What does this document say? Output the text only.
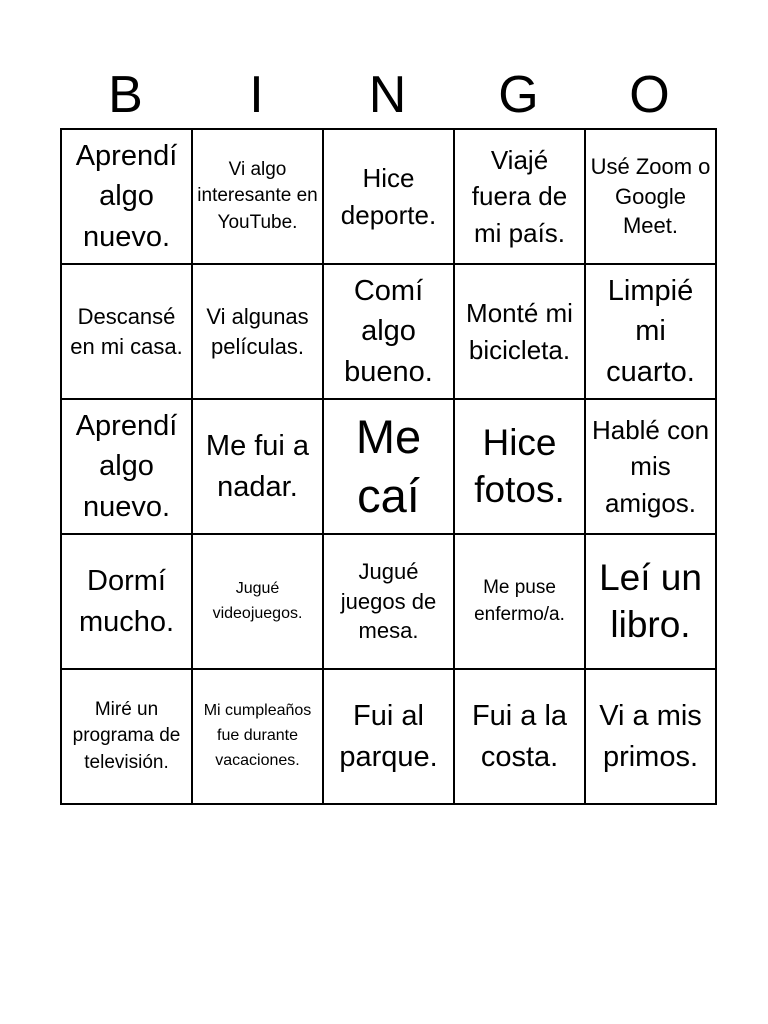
B	I	N	G	O
Aprendí algo nuevo.	Vi algo interesante en YouTube.	Hice deporte.	Viajé fuera de mi país.	Usé Zoom o Google Meet.

Descansé en mi casa.	Vi algunas películas.	Comí algo bueno.	Monté mi bicicleta.	Limpié mi cuarto.

Aprendí algo nuevo.	Me fui a nadar.	Me caí	Hice fotos.	Hablé con mis amigos.

Dormí mucho.	Jugué videojuegos.	Jugué juegos de mesa.	Me puse enfermo/a.	Leí un libro.

Miré un programa de televisión.	Mi cumpleaños fue durante vacaciones.	Fui al parque.	Fui a la costa.	Vi a mis primos.
